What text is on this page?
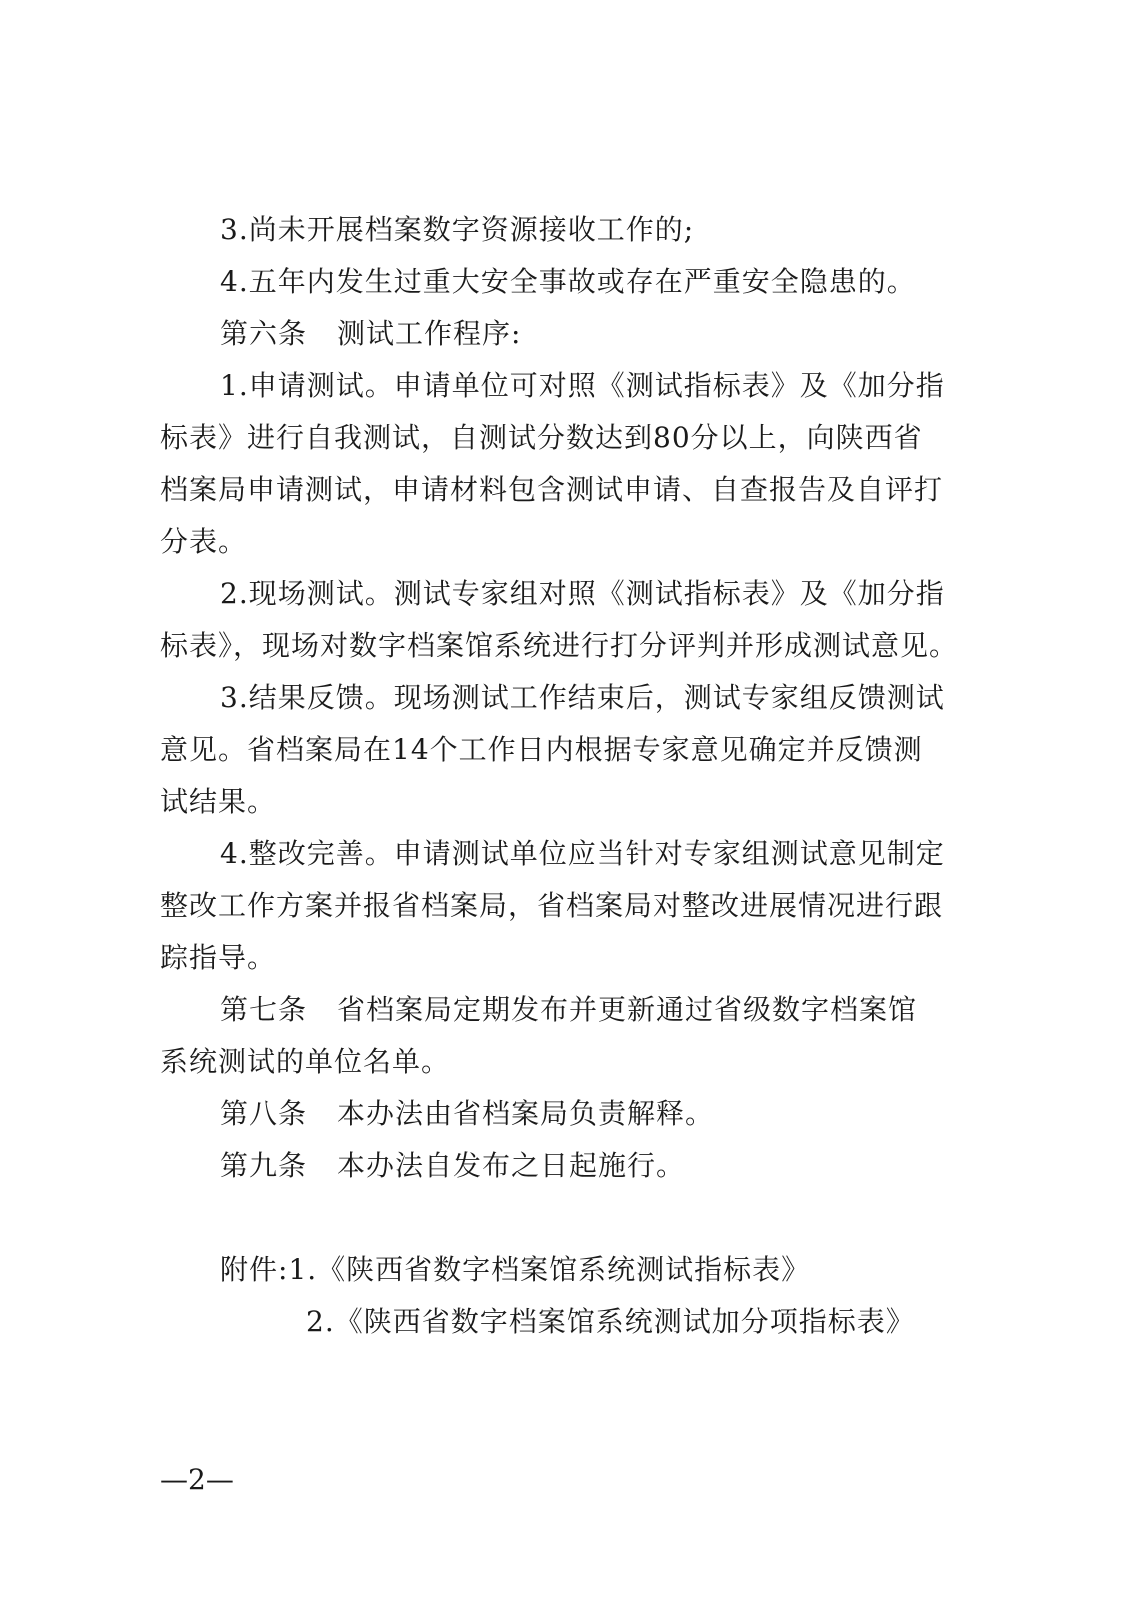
3.尚未开展档案数字资源接收工作的;
4.五年内发生过重大安全事故或存在严重安全隐患的。
第六条 测试工作程序:
1.申请测试。申请单位可对照《测试指标表》及《加分指
标表》进行自我测试，自测试分数达到80分以上，向陕西省
档案局申请测试，申请材料包含测试申请、自查报告及自评打
分表。
2.现场测试。测试专家组对照《测试指标表》及《加分指
标表》，现场对数字档案馆系统进行打分评判并形成测试意见。
3.结果反馈。现场测试工作结束后，测试专家组反馈测试
意见。省档案局在14个工作日内根据专家意见确定并反馈测
试结果。
4.整改完善。申请测试单位应当针对专家组测试意见制定
整改工作方案并报省档案局，省档案局对整改进展情况进行跟
踪指导。
第七条 省档案局定期发布并更新通过省级数字档案馆
系统测试的单位名单。
第八条 本办法由省档案局负责解释。
第九条 本办法自发布之日起施行。
附件:1.《陕西省数字档案馆系统测试指标表》
2.《陕西省数字档案馆系统测试加分项指标表》
—2—
